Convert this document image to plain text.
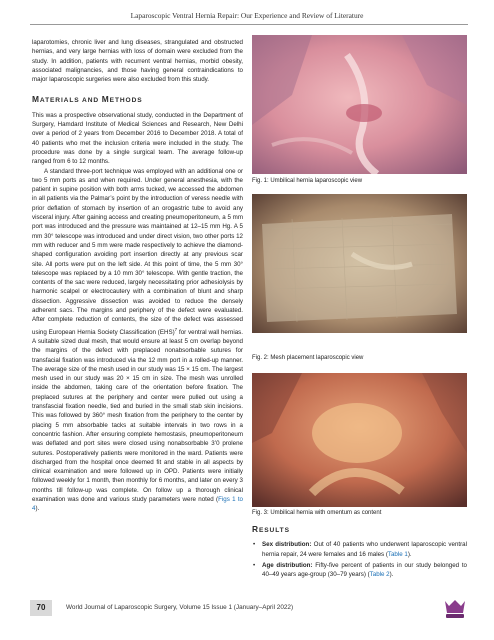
Laparoscopic Ventral Hernia Repair: Our Experience and Review of Literature

laparotomies, chronic liver and lung diseases, strangulated and obstructed hernias, and very large hernias with loss of domain were excluded from the study. In addition, patients with recurrent ventral hernias, morbid obesity, associated malignancies, and those having general contraindications to major laparoscopic surgeries were also excluded from this study.

MATERIALS AND METHODS

This was a prospective observational study, conducted in the Department of Surgery, Hamdard Institute of Medical Sciences and Research, New Delhi over a period of 2 years from December 2016 to December 2018. A total of 40 patients who met the inclusion criteria were included in the study. The procedure was done by a single surgical team. The average follow-up ranged from 6 to 12 months.

A standard three-port technique was employed with an additional one or two 5 mm ports as and when required. Under general anesthesia, with the patient in supine position with both arms tucked, we accessed the abdomen in all patients via the Palmar’s point by the introduction of veress needle with prior deflation of stomach by insertion of an orogastric tube to avoid any visceral injury. After gaining access and creating pneumoperitoneum, a 5 mm port was introduced and the pressure was maintained at 12–15 mm Hg. A 5 mm 30° telescope was introduced and under direct vision, two other ports 12 mm with reducer and 5 mm were made respectively to achieve the diamond-shaped configuration avoiding port insertion directly at any previous scar site. All ports were put on the left side. At this point of time, the 5 mm 30° telescope was replaced by a 10 mm 30° telescope. With gentle traction, the contents of the sac were reduced, largely necessitating prior adhesiolysis by harmonic scalpel or electrocautery with a combination of blunt and sharp dissection. Aggressive dissection was avoided to reduce the densely adherent sacs. The margins and periphery of the defect were evaluated. After complete reduction of contents, the size of the defect was assessed using European Hernia Society Classification (EHS)$^7$ for ventral wall hernias. A suitable sized dual mesh, that would ensure at least 5 cm overlap beyond the margins of the defect with preplaced nonabsorbable sutures for transfacial fixation was introduced via the 12 mm port in a rolled-up manner. The average size of the mesh used in our study was 15 × 15 cm. The largest mesh used in our study was 20 × 15 cm in size. The mesh was unrolled inside the abdomen, taking care of the orientation before fixation. The preplaced sutures at the periphery and center were pulled out using a transfascial fixation needle, tied and buried in the small stab skin incisions. This was followed by 360° mesh fixation from the periphery to the center by placing 5 mm absorbable tacks at suitable intervals in two rows in a concentric fashion. After ensuring complete hemostasis, pneumoperitoneum was deflated and port sites were closed using nonabsorbable 3’0 prolene sutures. Postoperatively patients were monitored in the ward. Patients were discharged from the hospital once deemed fit and stable in all aspects by clinical examination and were followed up in OPD. Patients were initially followed weekly for 1 month, then monthly for 6 months, and later on every 3 months till follow-up was complete. On follow up a thorough clinical examination was done and various study parameters were noted (Figs 1 to 4).

Fig. 1: Umbilical hernia laparoscopic view
Fig. 2: Mesh placement laparoscopic view
Fig. 3: Umbilical hernia with omentum as content
RESULTS
• Sex distribution: Out of 40 patients who underwent laparoscopic ventral hernia repair, 24 were females and 16 males (Table 1).
• Age distribution: Fifty-five percent of patients in our study belonged to 40–49 years age-group (30–79 years) (Table 2).
70	World Journal of Laparoscopic Surgery, Volume 15 Issue 1 (January–April 2022)
